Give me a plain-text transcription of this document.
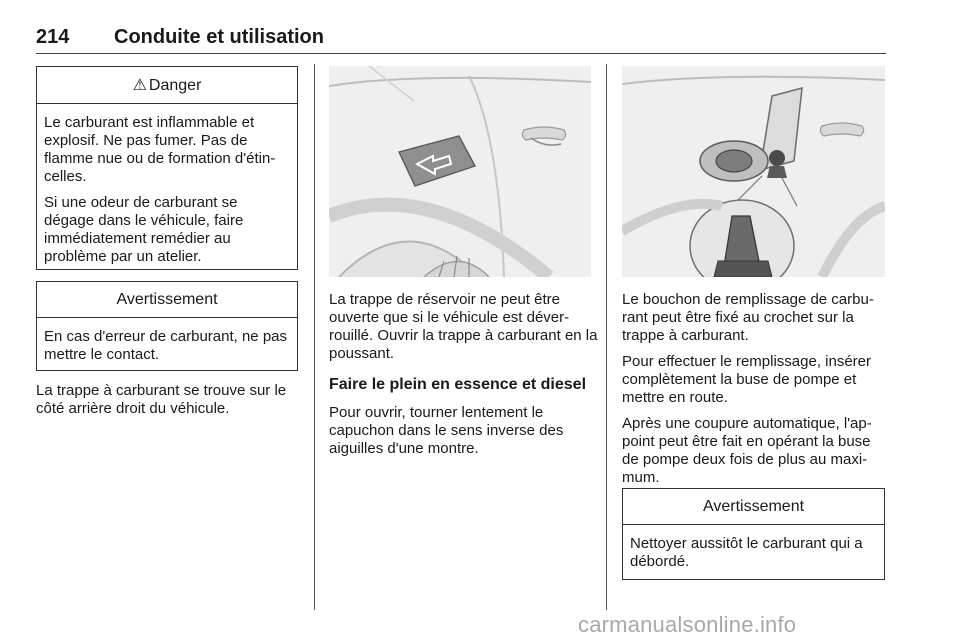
214 Conduite et utilisation
⚠ Danger

Le carburant est inflammable et explosif. Ne pas fumer. Pas de flamme nue ou de formation d'étin-celles.

Si une odeur de carburant se dégage dans le véhicule, faire immédiatement remédier au problème par un atelier.

Avertissement
En cas d'erreur de carburant, ne pas mettre le contact.
La trappe à carburant se trouve sur le côté arrière droit du véhicule.
La trappe de réservoir ne peut être ouverte que si le véhicule est déver-rouillé. Ouvrir la trappe à carburant en la poussant.
Faire le plein en essence et diesel
Pour ouvrir, tourner lentement le capuchon dans le sens inverse des aiguilles d'une montre.

Le bouchon de remplissage de carbu-rant peut être fixé au crochet sur la trappe à carburant.

Pour effectuer le remplissage, insérer complètement la buse de pompe et mettre en route.

Après une coupure automatique, l'ap-point peut être fait en opérant la buse de pompe deux fois de plus au maxi-mum.

Avertissement
Nettoyer aussitôt le carburant qui a débordé.
carmanualsonline.info
